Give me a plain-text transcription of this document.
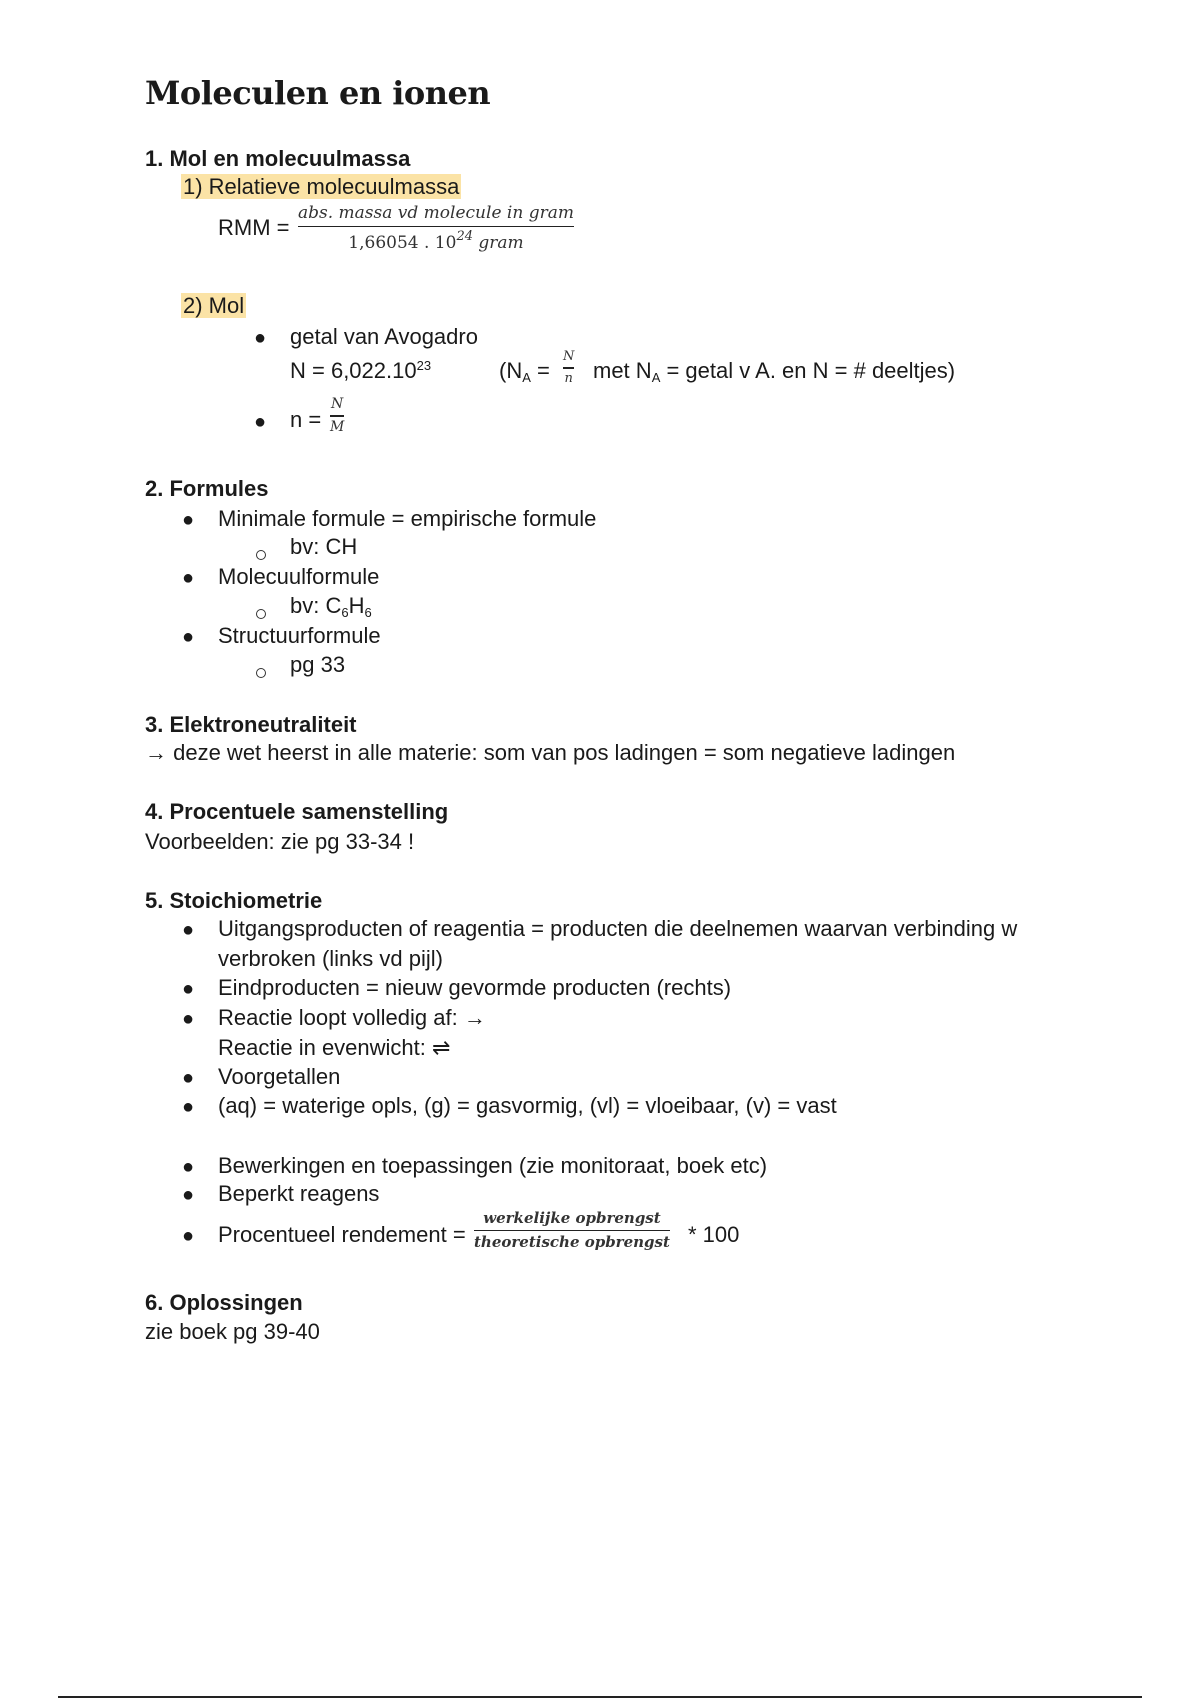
Moleculen en ionen
1. Mol en molecuulmassa
1) Relatieve molecuulmassa
RMM =
abs. massa vd molecule in gram
1,66054 . $10^{24}$ gram
2) Mol
● getal van Avogadro
$N = 6,022.10^{23}$	($N_A$ =
N
n met $N_A$ = getal v A. en N = # deeltjes)
● n =
N
M
2. Formules
● Minimale formule = empirische formule
bv: CH
● Molecuulformule
bv: $C_6H_6$
● Structuurformule
pg 33
3. Elektroneutraliteit
→ deze wet heerst in alle materie: som van pos ladingen = som negatieve ladingen
4. Procentuele samenstelling
Voorbeelden: zie pg 33-34 !
5. Stoichiometrie
● Uitgangsproducten of reagentia = producten die deelnemen waarvan verbinding w
verbroken (links vd pijl)
● Eindproducten = nieuw gevormde producten (rechts)
● Reactie loopt volledig af: →
Reactie in evenwicht: ⇌
● Voorgetallen
● (aq) = waterige opls, (g) = gasvormig, (vl) = vloeibaar, (v) = vast
● Bewerkingen en toepassingen (zie monitoraat, boek etc)
● Beperkt reagens
● Procentueel rendement =
werkelijke opbrengst
theoretische opbrengst * 100
6. Oplossingen
zie boek pg 39-40
